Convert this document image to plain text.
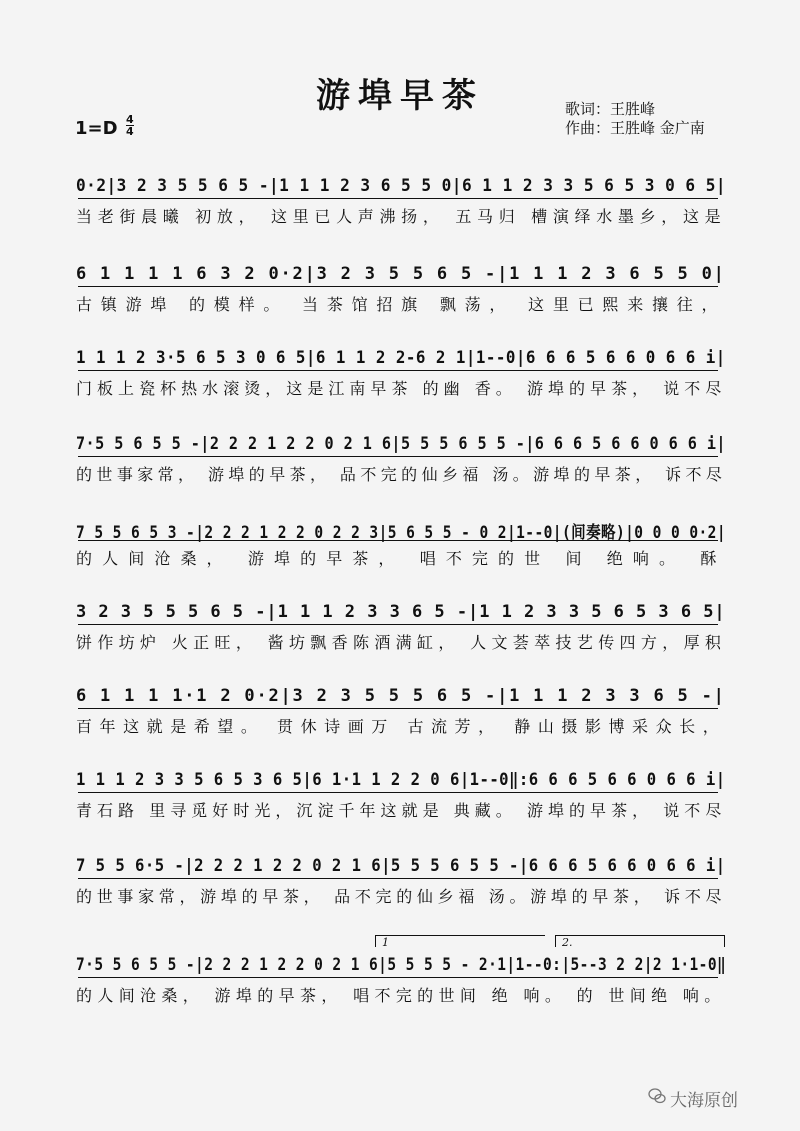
游埠早茶	歌词：王胜峰
作曲：王胜峰 金广南
1=D 4
4
0·2|3 2 3 5 5 6 5 -|1 1 1 2 3 6 5 5 0|6 1 1 2 3 3 5 6 5 3 0 6 5|
当老街晨曦 初放， 这里已人声沸扬， 五马归 槽演绎水墨乡，这是
6 1 1 1 1 6 3 2 0·2|3 2 3 5 5 6 5 -|1 1 1 2 3 6 5 5 0|
古镇游埠 的模样。 当茶馆招旗 飘荡， 这里已熙来攘往，
1 1 1 2 3·5 6 5 3 0 6 5|6 1 1 2 2-6 2 1|1--0|6 6 6 5 6 6 0 6 6 i|
门板上瓷杯热水滚烫，这是江南早茶 的幽 香。 游埠的早茶， 说不尽
7·5 5 6 5 5 -|2 2 2 1 2 2 0 2 1 6|5 5 5 6 5 5 -|6 6 6 5 6 6 0 6 6 i|
的世事家常， 游埠的早茶， 品不完的仙乡福 汤。游埠的早茶， 诉不尽
7 5 5 6 5 3 -|2 2 2 1 2 2 0 2 2 3|5 6 5 5 - 0 2|1--0|(间奏略)|0 0 0 0·2|
的人间沧桑， 游埠的早茶， 唱不完的世 间 绝响。 酥
3 2 3 5 5 5 6 5 -|1 1 1 2 3 3 6 5 -|1 1 2 3 3 5 6 5 3 6 5|
饼作坊炉 火正旺， 酱坊飘香陈酒满缸， 人文荟萃技艺传四方，厚积
6 1 1 1 1·1 2 0·2|3 2 3 5 5 5 6 5 -|1 1 1 2 3 3 6 5 -|
百年这就是希望。 贯休诗画万 古流芳， 静山摄影博采众长，
1 1 1 2 3 3 5 6 5 3 6 5|6 1·1 1 2 2 0 6|1--0‖:6 6 6 5 6 6 0 6 6 i|
青石路 里寻觅好时光，沉淀千年这就是 典藏。 游埠的早茶， 说不尽
7 5 5 6·5 -|2 2 2 1 2 2 0 2 1 6|5 5 5 6 5 5 -|6 6 6 5 6 6 0 6 6 i|
的世事家常，游埠的早茶， 品不完的仙乡福 汤。游埠的早茶， 诉不尽
1	2.
7·5 5 6 5 5 -|2 2 2 1 2 2 0 2 1 6|5 5 5 5 - 2·1|1--0:|5--3 2 2|2 1·1-0‖
的人间沧桑， 游埠的早茶， 唱不完的世间 绝 响。 的 世间绝 响。
大海原创
